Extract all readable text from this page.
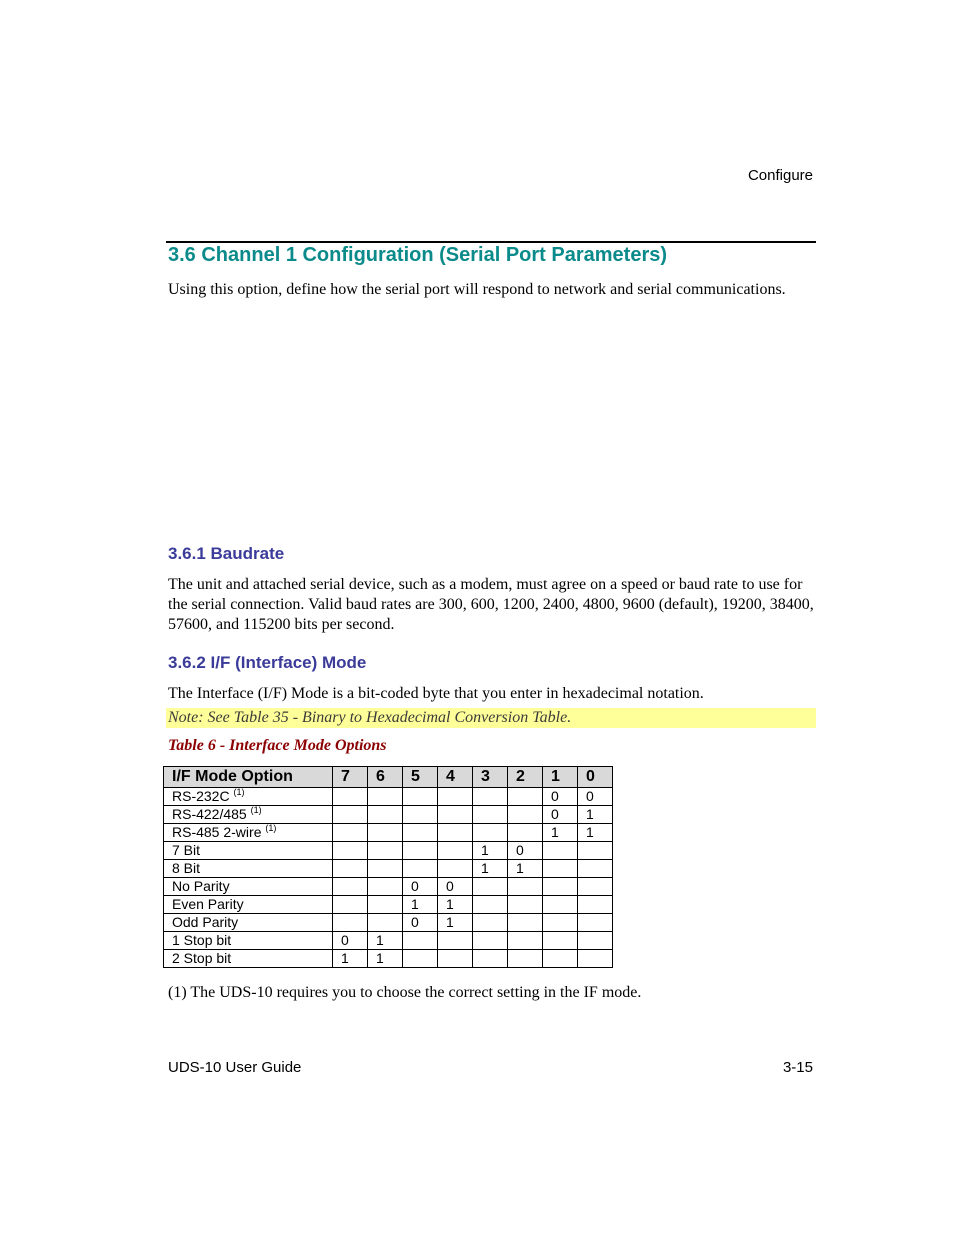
Configure
3.6 Channel 1 Configuration (Serial Port Parameters)

Using this option, define how the serial port will respond to network and serial communications.

3.6.1 Baudrate

The unit and attached serial device, such as a modem, must agree on a speed or baud rate to use for the serial connection. Valid baud rates are 300, 600, 1200, 2400, 4800, 9600 (default), 19200, 38400, 57600, and 115200 bits per second.

3.6.2 I/F (Interface) Mode

The Interface (I/F) Mode is a bit-coded byte that you enter in hexadecimal notation.

Note: See Table 35 - Binary to Hexadecimal Conversion Table.
Table 6 - Interface Mode Options
I/F Mode Option	7	6	5	4	3	2	1	0
RS-232C $^{(1)}$							0	0
RS-422/485 $^{(1)}$							0	1
RS-485 2-wire $^{(1)}$							1	1
7 Bit					1	0		
8 Bit					1	1		
No Parity			0	0				
Even Parity			1	1				
Odd Parity			0	1				
1 Stop bit	0	1						
2 Stop bit	1	1						
(1) The UDS-10 requires you to choose the correct setting in the IF mode.
UDS-10 User Guide	3-15
